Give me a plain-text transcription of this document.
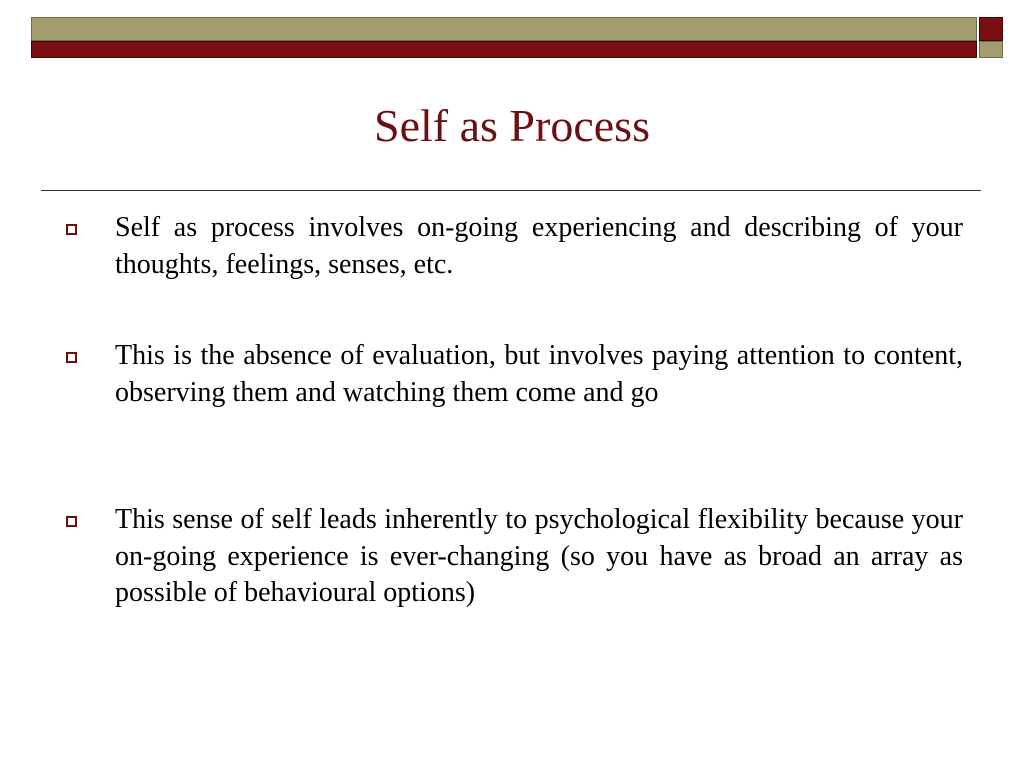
Self as Process
Self as process involves on-going experiencing and describing of your thoughts, feelings, senses, etc.
This is the absence of evaluation, but involves paying attention to content, observing them and watching them come and go
This sense of self leads inherently to psychological flexibility because your on-going experience is ever-changing (so you have as broad an array as possible of behavioural options)
